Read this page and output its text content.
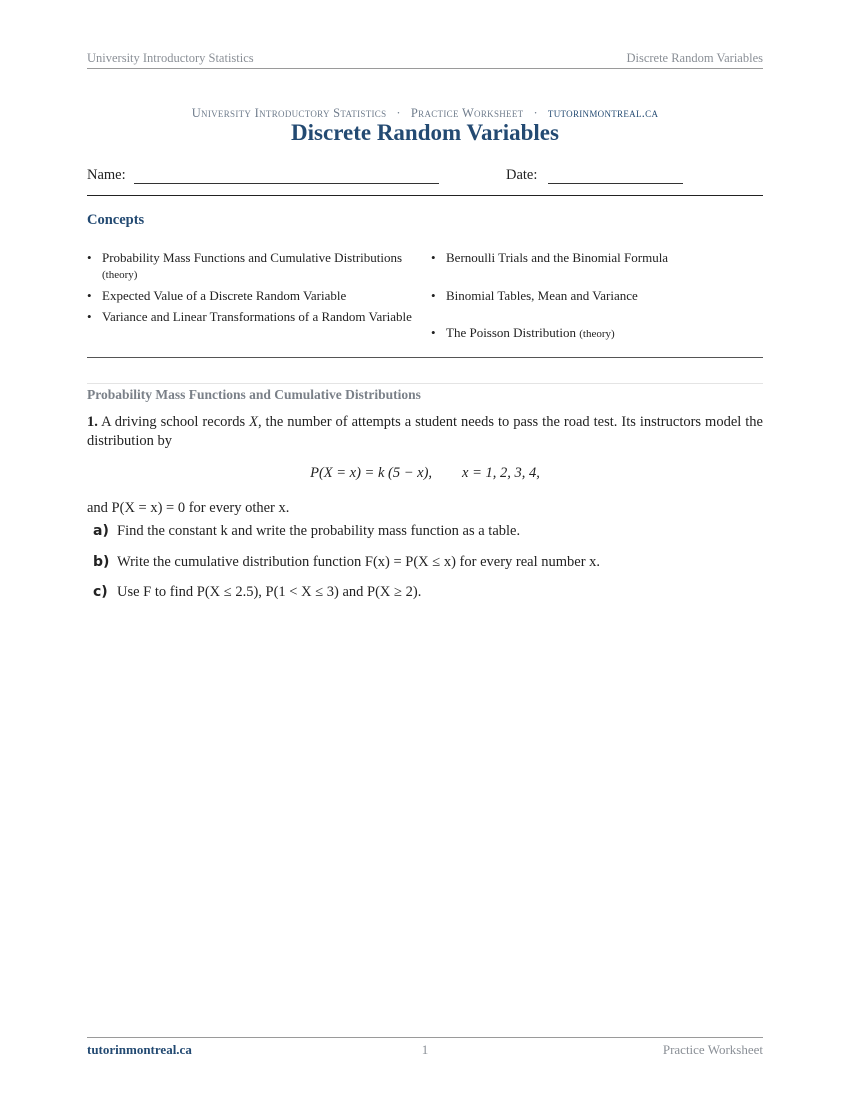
University Introductory Statistics	Discrete Random Variables
University Introductory Statistics · Practice Worksheet · tutorinmontreal.ca
Discrete Random Variables
Name:	Date:
Concepts
• Probability Mass Functions and Cumulative Distributions (theory)
• Expected Value of a Discrete Random Variable
• Variance and Linear Transformations of a Random Variable
• Bernoulli Trials and the Binomial Formula
• Binomial Tables, Mean and Variance
• The Poisson Distribution (theory)
Probability Mass Functions and Cumulative Distributions
1. A driving school records X, the number of attempts a student needs to pass the road test. Its instructors model the distribution by
P(X = x) = k (5 − x), x = 1, 2, 3, 4,
and P(X = x) = 0 for every other x.
a) Find the constant k and write the probability mass function as a table.
b) Write the cumulative distribution function F(x) = P(X ≤ x) for every real number x.
c) Use F to find P(X ≤ 2.5), P(1 < X ≤ 3) and P(X ≥ 2).
tutorinmontreal.ca	1	Practice Worksheet
